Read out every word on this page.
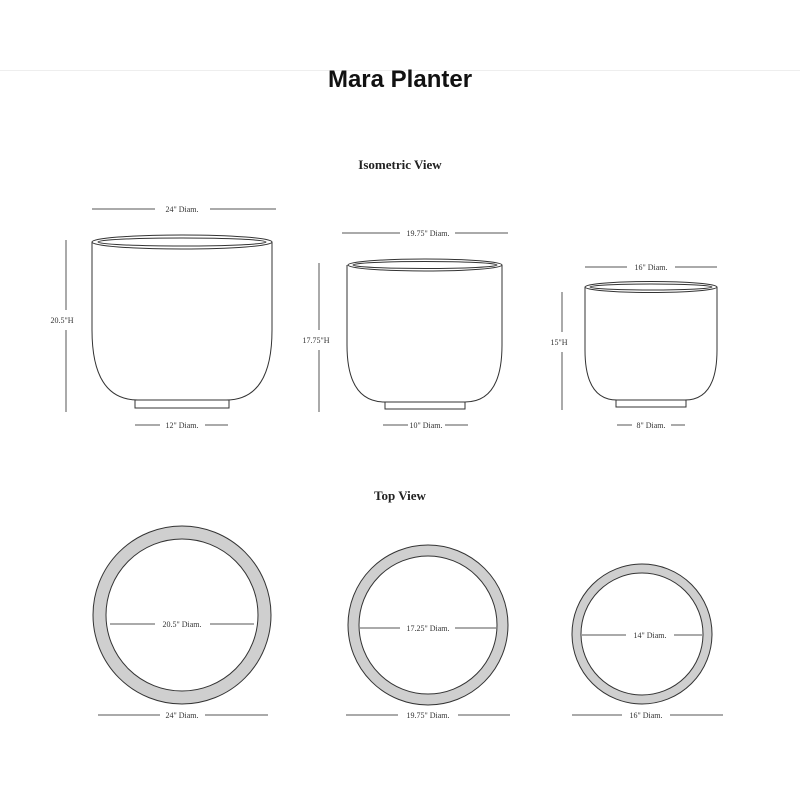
Mara Planter
Isometric View
Top View
24" Diam.
20.5"H
12" Diam.
19.75" Diam.
17.75"H
10" Diam.
16" Diam.
15"H
8" Diam.
20.5" Diam.
24" Diam.
17.25" Diam.
19.75" Diam.
14" Diam.
16" Diam.
